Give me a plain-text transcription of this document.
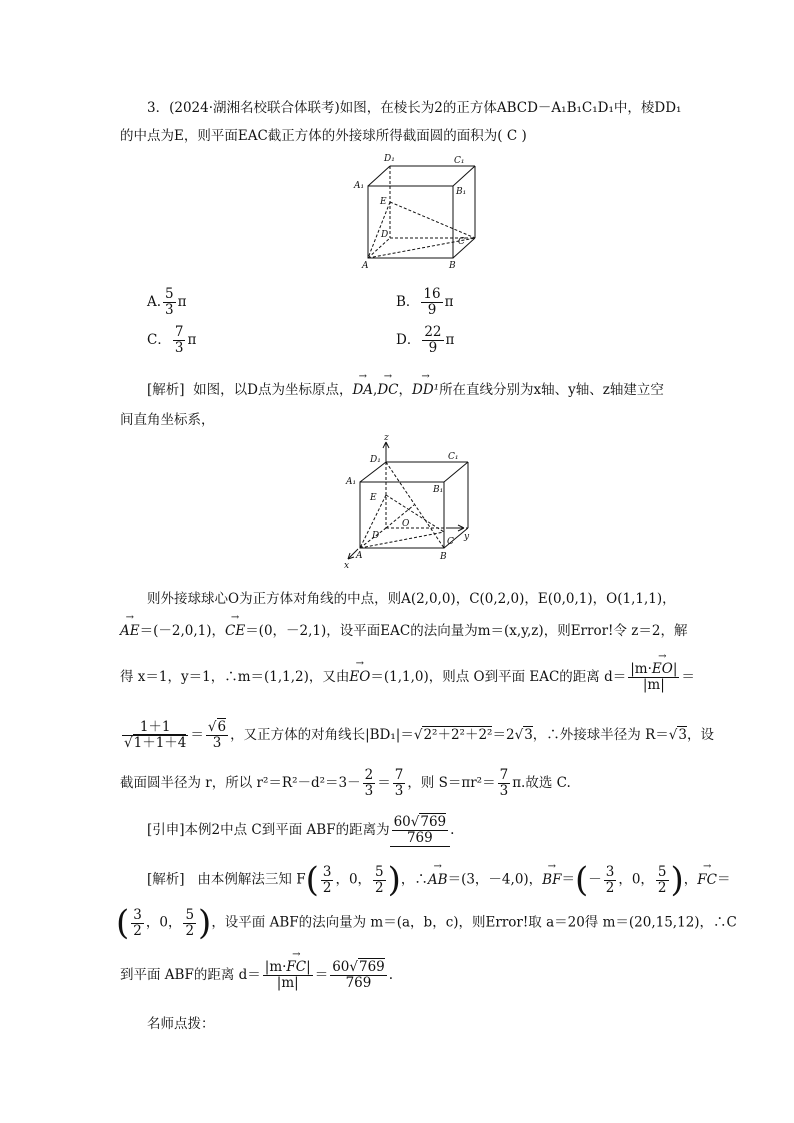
3．(2024·湖湘名校联合体联考)如图，在棱长为2的正方体ABCD－A₁B₁C₁D₁中，棱DD₁
的中点为E，则平面EAC截正方体的外接球所得截面圆的面积为( C )
D₁	C₁
A₁
B₁
E
D
C
A	B
A. $\frac{5}{3}$ π	B． $\frac{16}{9}$ π
C． $\frac{7}{3}$ π	D． $\frac{22}{9}$ π
[解析] 如图，以D点为坐标原点，→ DA,→ DC，→ DD¹所在直线分别为x轴、y轴、z轴建立空
间直角坐标系，
z
y
x
D₁	C₁
A₁
B₁
E
O
D
C
A	B
则外接球球心O为正方体对角线的中点，则A(2,0,0)，C(0,2,0)，E(0,0,1)，O(1,1,1)，
→ AE＝(－2,0,1)，→ CE＝(0，－2,1)，设平面EAC的法向量为m＝(x,y,z)，则Error!令 z＝2，解
得 x＝1，y＝1，∴m＝(1,1,2)，又由→ EO＝(1,1,0)，则点 O到平面 EAC的距离 $d= \frac{|m\cdot\to EO|}{|m|}$ ＝
$\frac{1+1}{√1+1+4} = \frac{√6}{3}$ ，又正方体的对角线长|BD₁|＝√2²＋2²＋2²＝2√3，∴外接球半径为 R＝√3，设
截面圆半径为 r，所以 $r^2=R^2-d^2=3- \frac{2}{3} = \frac{7}{3}$ ，则 $S=\pi r^2= \frac{7}{3} \pi$.故选 C.
[引申]本例2中点 C到平面 ABF的距离为 $\frac{60√769}{769}$ .
[解析] 由本例解法三知 $F( \frac{3}{2}$ ，0， $\frac{5}{2}$ )，∴→ AB＝(3，－4,0)，→ $BF=(- \frac{3}{2}$ ，0， $\frac{5}{2}$ )，→ FC＝
( $\frac{3}{2}$ ，0， $\frac{5}{2}$ )，设平面 ABF的法向量为 m＝(a，b，c)，则Error!取 a＝20得 m＝(20,15,12)，∴C
到平面 ABF的距离 $d= \frac{|m\cdot\to FC|}{|m|} = \frac{60√769}{769}$ .
名师点拨：
